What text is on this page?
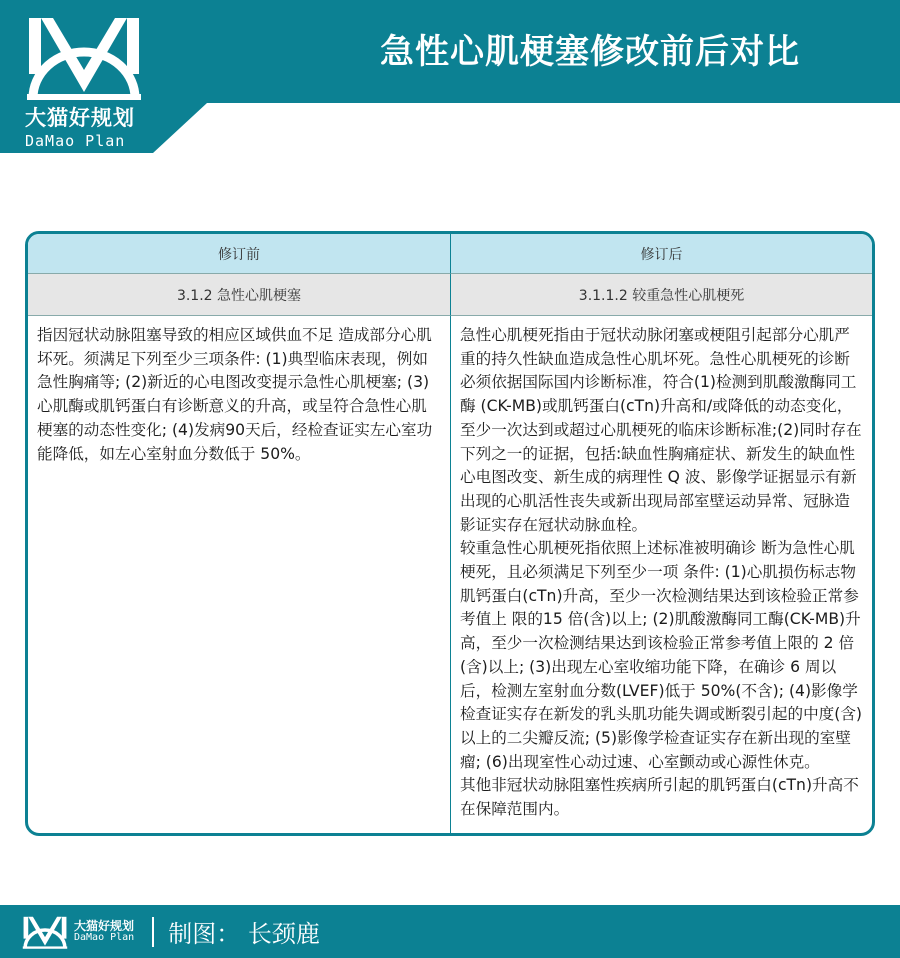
大猫好规划
DaMao Plan
急性心肌梗塞修改前后对比
修订前	修订后
3.1.2 急性心肌梗塞	3.1.1.2 较重急性心肌梗死

指因冠状动脉阻塞导致的相应区域供血不足 造成部分心肌坏死。须满足下列至少三项条件: (1)典型临床表现，例如急性胸痛等; (2)新近的心电图改变提示急性心肌梗塞; (3)心肌酶或肌钙蛋白有诊断意义的升高，或呈符合急性心肌梗塞的动态性变化; (4)发病90天后，经检查证实左心室功能降低，如左心室射血分数低于 50%。

急性心肌梗死指由于冠状动脉闭塞或梗阻引起部分心肌严重的持久性缺血造成急性心肌坏死。急性心肌梗死的诊断必须依据国际国内诊断标准，符合(1)检测到肌酸激酶同工酶 (CK-MB)或肌钙蛋白(cTn)升高和/或降低的动态变化，至少一次达到或超过心肌梗死的临床诊断标准;(2)同时存在下列之一的证据，包括:缺血性胸痛症状、新发生的缺血性心电图改变、新生成的病理性 Q 波、影像学证据显示有新出现的心肌活性丧失或新出现局部室壁运动异常、冠脉造影证实存在冠状动脉血栓。

较重急性心肌梗死指依照上述标准被明确诊 断为急性心肌梗死，且必须满足下列至少一项 条件: (1)心肌损伤标志物肌钙蛋白(cTn)升高，至少一次检测结果达到该检验正常参考值上 限的15 倍(含)以上; (2)肌酸激酶同工酶(CK-MB)升高，至少一次检测结果达到该检验正常参考值上限的 2 倍(含)以上; (3)出现左心室收缩功能下降，在确诊 6 周以后，检测左室射血分数(LVEF)低于 50%(不含); (4)影像学检查证实存在新发的乳头肌功能失调或断裂引起的中度(含)以上的二尖瓣反流; (5)影像学检查证实存在新出现的室壁瘤; (6)出现室性心动过速、心室颤动或心源性休克。

其他非冠状动脉阻塞性疾病所引起的肌钙蛋白(cTn)升高不在保障范围内。

大猫好规划
DaMao Plan 制图： 长颈鹿
